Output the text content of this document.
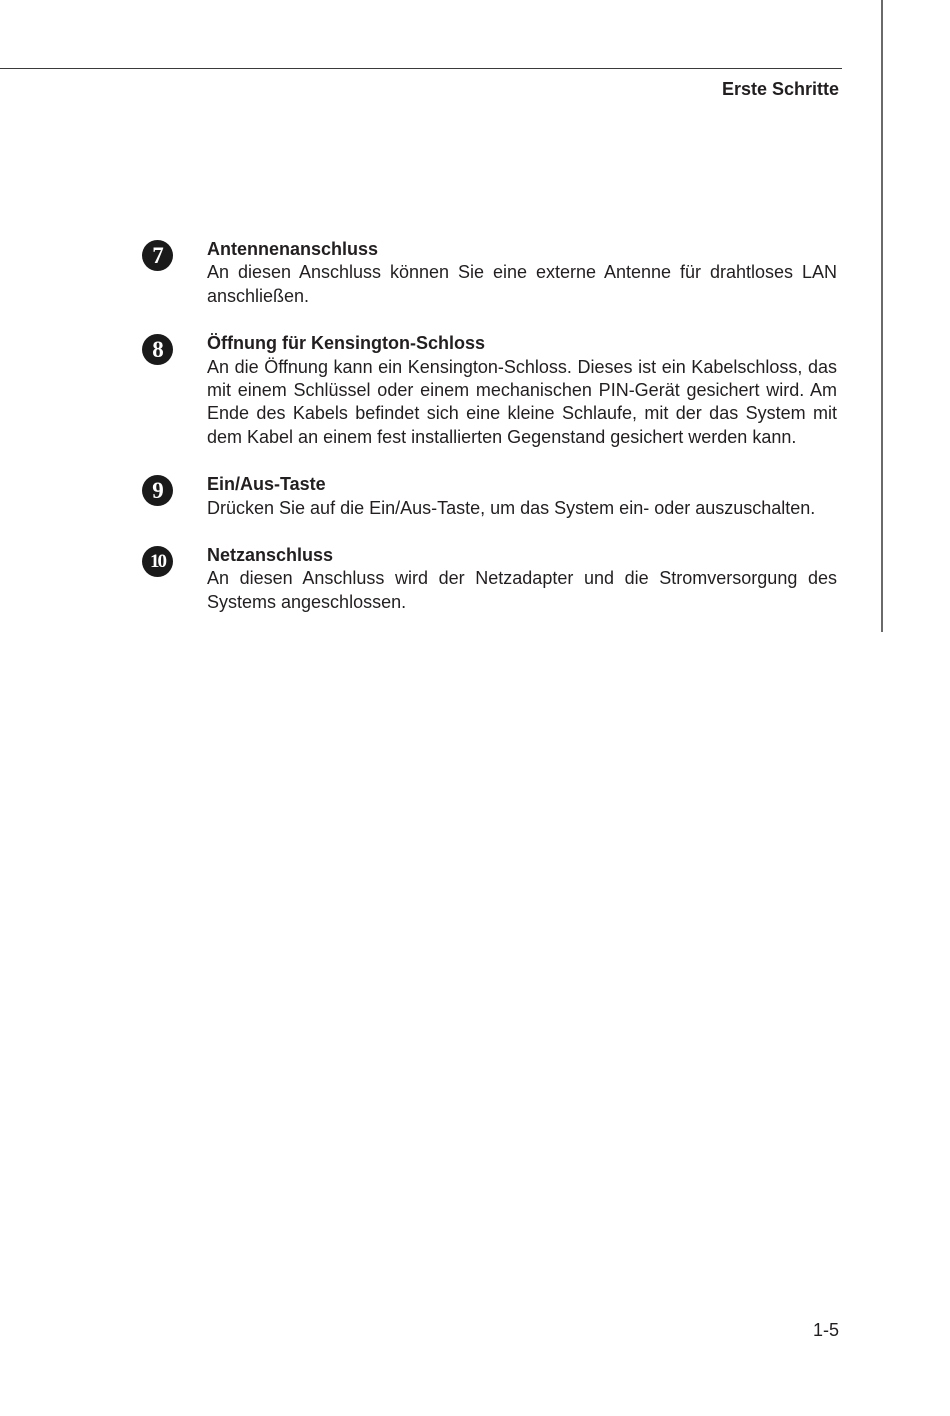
Erste Schritte
7	Antennenanschluss
An diesen Anschluss können Sie eine externe Antenne für drahtloses LAN anschließen.
8	Öffnung für Kensington-Schloss
An die Öffnung kann ein Kensington-Schloss. Dieses ist ein Kabelschloss, das mit einem Schlüssel oder einem mechanischen PIN-Gerät gesichert wird. Am Ende des Kabels befindet sich eine kleine Schlaufe, mit der das System mit dem Kabel an einem fest installierten Gegenstand gesichert werden kann.
9	Ein/Aus-Taste
Drücken Sie auf die Ein/Aus-Taste, um das System ein- oder auszuschalten.
10	Netzanschluss
An diesen Anschluss wird der Netzadapter und die Stromversorgung des Systems angeschlossen.
1-5
